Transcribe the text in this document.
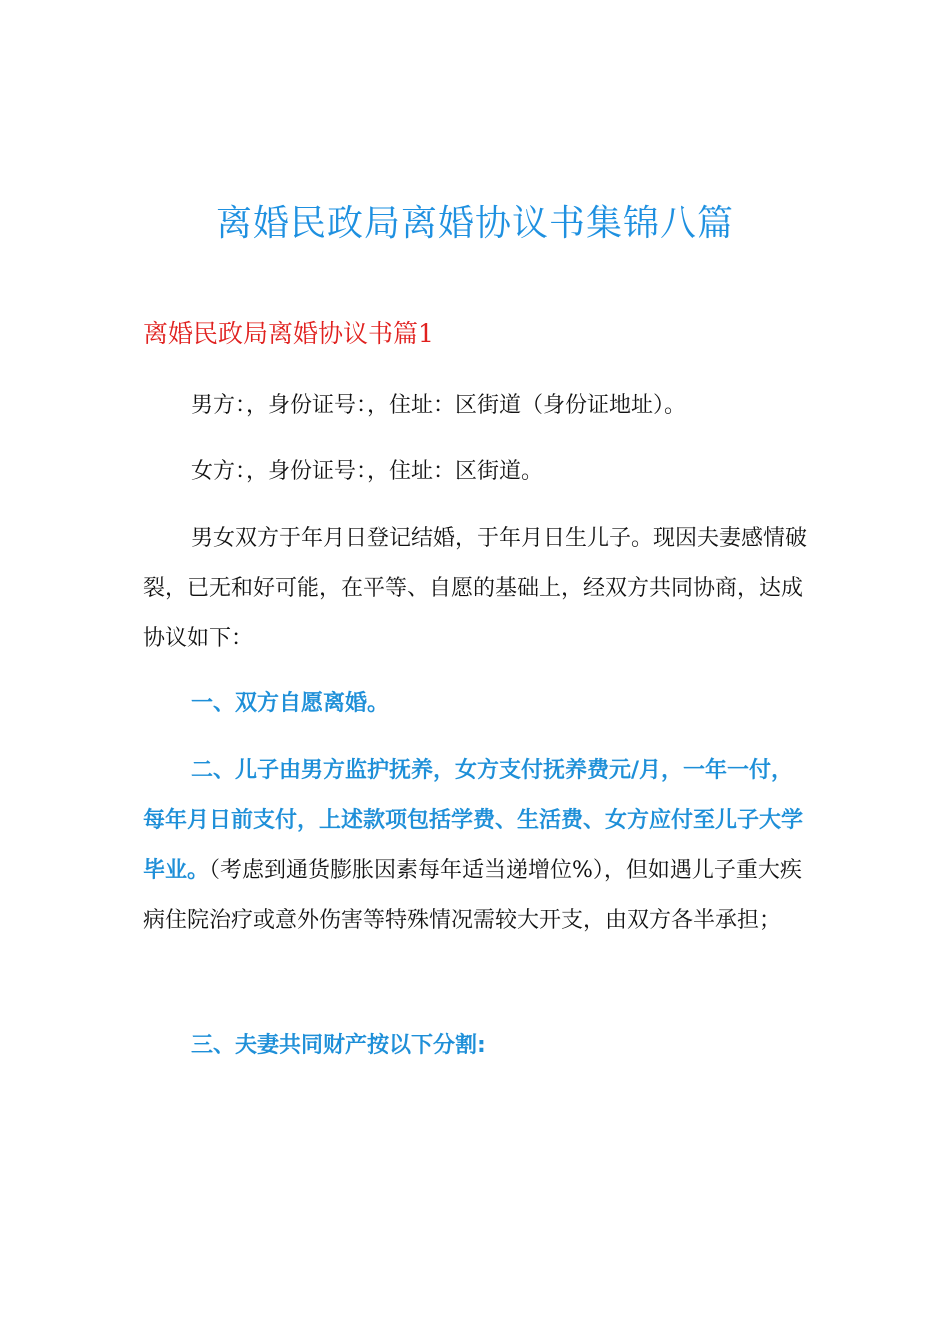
离婚民政局离婚协议书集锦八篇
离婚民政局离婚协议书篇1
男方：，身份证号：，住址：区街道（身份证地址）。
女方：，身份证号：，住址：区街道。
男女双方于年月日登记结婚，于年月日生儿子。现因夫妻感情破裂，已无和好可能，在平等、自愿的基础上，经双方共同协商，达成协议如下：
一、双方自愿离婚。
二、儿子由男方监护抚养，女方支付抚养费元/月，一年一付，每年月日前支付，上述款项包括学费、生活费、女方应付至儿子大学毕业。（考虑到通货膨胀因素每年适当递增位%），但如遇儿子重大疾病住院治疗或意外伤害等特殊情况需较大开支，由双方各半承担；
三、夫妻共同财产按以下分割:
